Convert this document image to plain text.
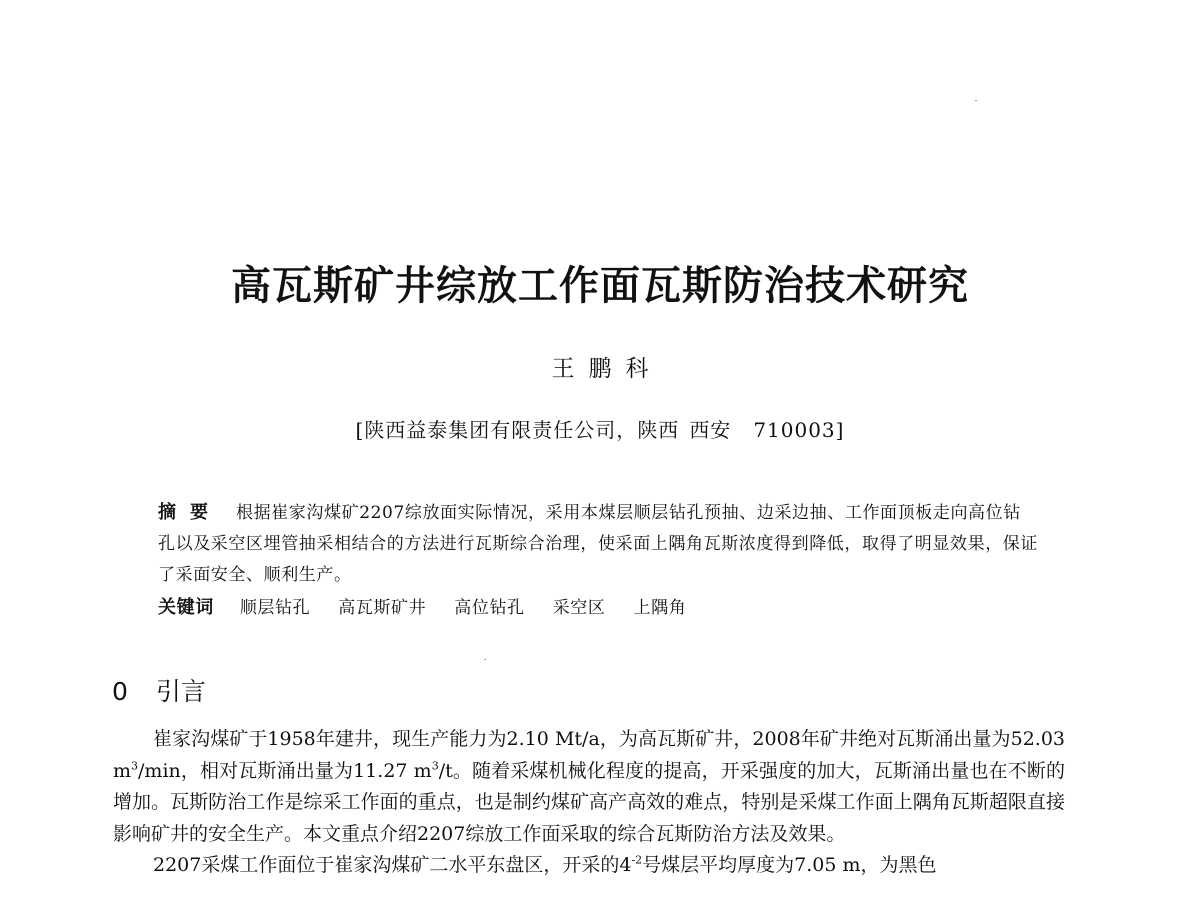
高瓦斯矿井综放工作面瓦斯防治技术研究
王鹏科
[陕西益泰集团有限责任公司，陕西 西安 710003]
摘要 根据崔家沟煤矿2207综放面实际情况，采用本煤层顺层钻孔预抽、边采边抽、工作面顶板走向高位钻孔以及采空区埋管抽采相结合的方法进行瓦斯综合治理，使采面上隅角瓦斯浓度得到降低，取得了明显效果，保证了采面安全、顺利生产。
关键词 顺层钻孔 高瓦斯矿井 高位钻孔 采空区 上隅角
0 引言

崔家沟煤矿于1958年建井，现生产能力为2.10 Mt/a，为高瓦斯矿井，2008年矿井绝对瓦斯涌出量为52.03 $m^3/\min$，相对瓦斯涌出量为11.27 $m^3/t$。随着采煤机械化程度的提高，开采强度的加大，瓦斯涌出量也在不断的增加。瓦斯防治工作是综采工作面的重点，也是制约煤矿高产高效的难点，特别是采煤工作面上隅角瓦斯超限直接影响矿井的安全生产。本文重点介绍2207综放工作面采取的综合瓦斯防治方法及效果。

2207采煤工作面位于崔家沟煤矿二水平东盘区，开采的$4^{-2}$号煤层平均厚度为7.05 m，为黑色
